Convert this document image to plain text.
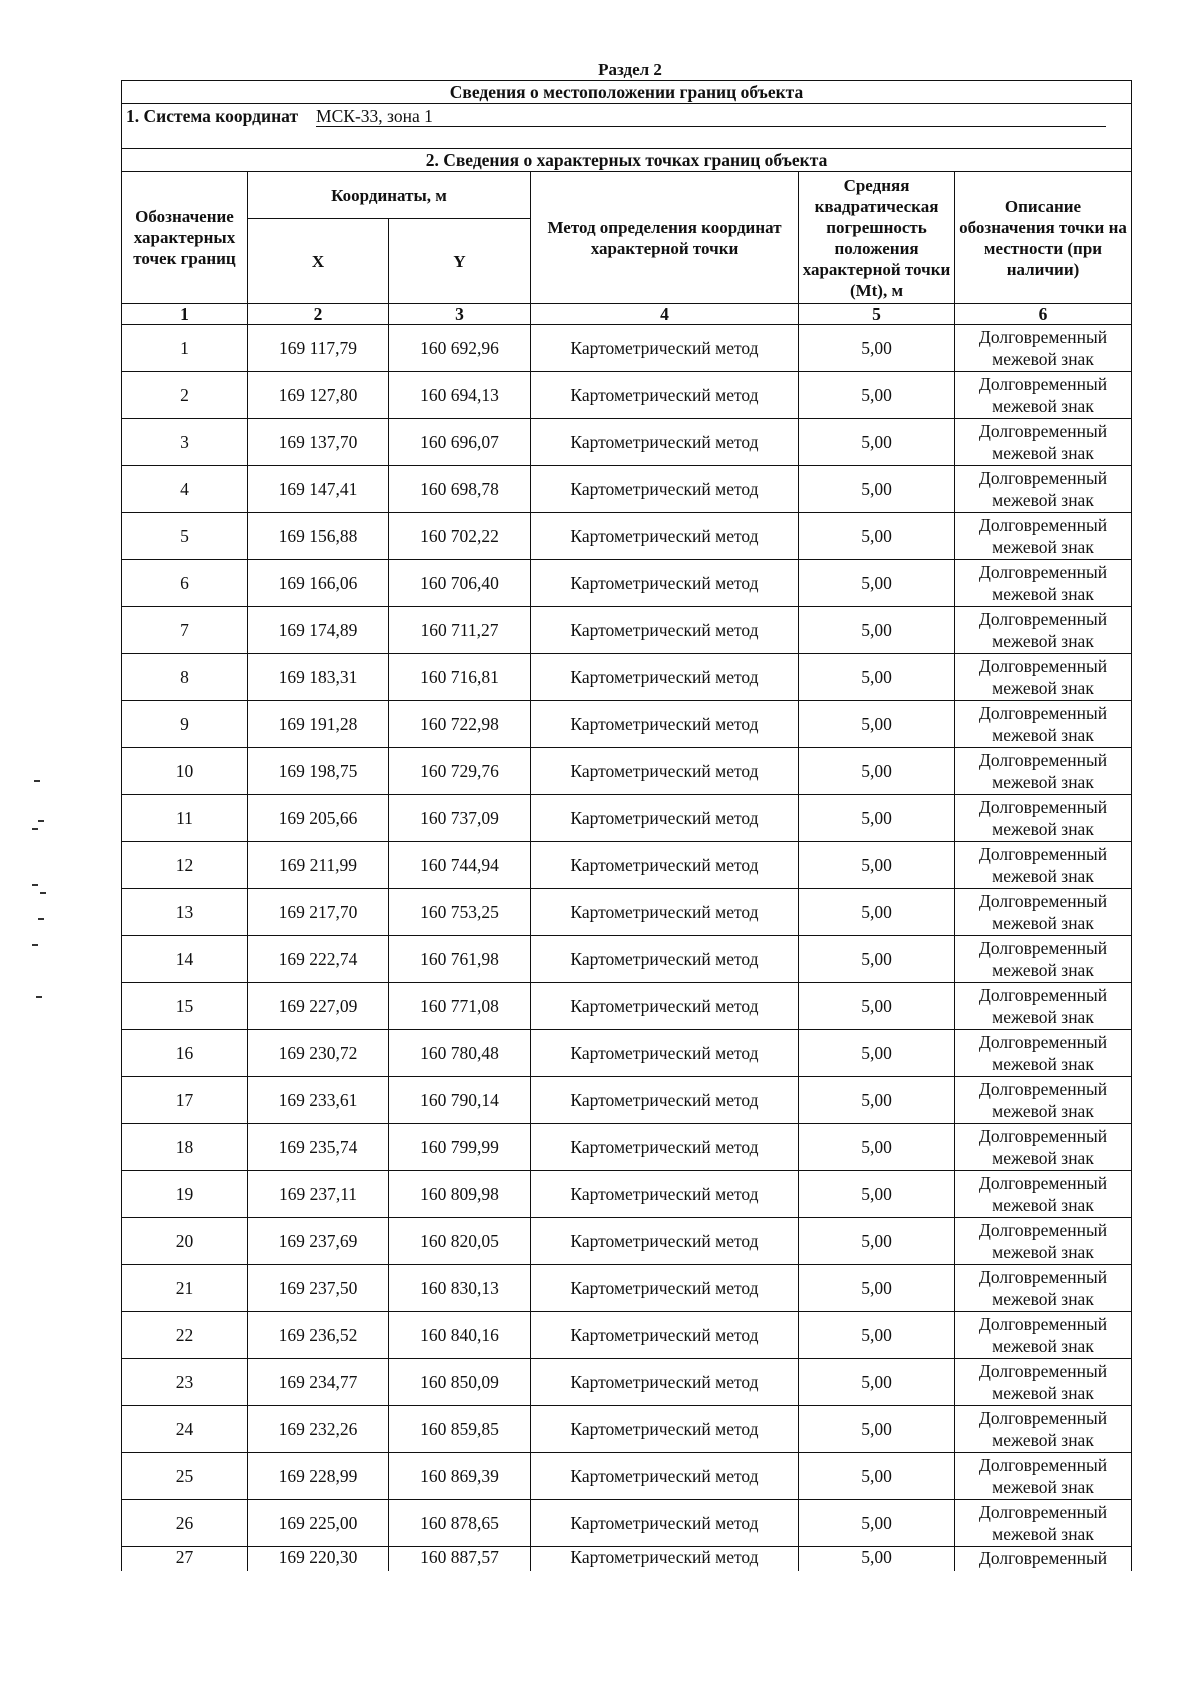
Раздел 2
Сведения о местоположении границ объекта					
1. Система координат МСК-33, зона 1					
2. Сведения о характерных точках границ объекта					
Обозначение характерных точек границ	Координаты, м		Метод определения координат характерной точки	Средняя квадратическая погрешность положения характерной точки (Mt), м	Описание обозначения точки на местности (при наличии)
	X	Y			
1	2	3	4	5	6
1	169 117,79	160 692,96	Картометрический метод	5,00	Долговременный межевой знак
2	169 127,80	160 694,13	Картометрический метод	5,00	Долговременный межевой знак
3	169 137,70	160 696,07	Картометрический метод	5,00	Долговременный межевой знак
4	169 147,41	160 698,78	Картометрический метод	5,00	Долговременный межевой знак
5	169 156,88	160 702,22	Картометрический метод	5,00	Долговременный межевой знак
6	169 166,06	160 706,40	Картометрический метод	5,00	Долговременный межевой знак
7	169 174,89	160 711,27	Картометрический метод	5,00	Долговременный межевой знак
8	169 183,31	160 716,81	Картометрический метод	5,00	Долговременный межевой знак
9	169 191,28	160 722,98	Картометрический метод	5,00	Долговременный межевой знак
10	169 198,75	160 729,76	Картометрический метод	5,00	Долговременный межевой знак
11	169 205,66	160 737,09	Картометрический метод	5,00	Долговременный межевой знак
12	169 211,99	160 744,94	Картометрический метод	5,00	Долговременный межевой знак
13	169 217,70	160 753,25	Картометрический метод	5,00	Долговременный межевой знак
14	169 222,74	160 761,98	Картометрический метод	5,00	Долговременный межевой знак
15	169 227,09	160 771,08	Картометрический метод	5,00	Долговременный межевой знак
16	169 230,72	160 780,48	Картометрический метод	5,00	Долговременный межевой знак
17	169 233,61	160 790,14	Картометрический метод	5,00	Долговременный межевой знак
18	169 235,74	160 799,99	Картометрический метод	5,00	Долговременный межевой знак
19	169 237,11	160 809,98	Картометрический метод	5,00	Долговременный межевой знак
20	169 237,69	160 820,05	Картометрический метод	5,00	Долговременный межевой знак
21	169 237,50	160 830,13	Картометрический метод	5,00	Долговременный межевой знак
22	169 236,52	160 840,16	Картометрический метод	5,00	Долговременный межевой знак
23	169 234,77	160 850,09	Картометрический метод	5,00	Долговременный межевой знак
24	169 232,26	160 859,85	Картометрический метод	5,00	Долговременный межевой знак
25	169 228,99	160 869,39	Картометрический метод	5,00	Долговременный межевой знак
26	169 225,00	160 878,65	Картометрический метод	5,00	Долговременный межевой знак
27	169 220,30	160 887,57	Картометрический метод	5,00	Долговременный
